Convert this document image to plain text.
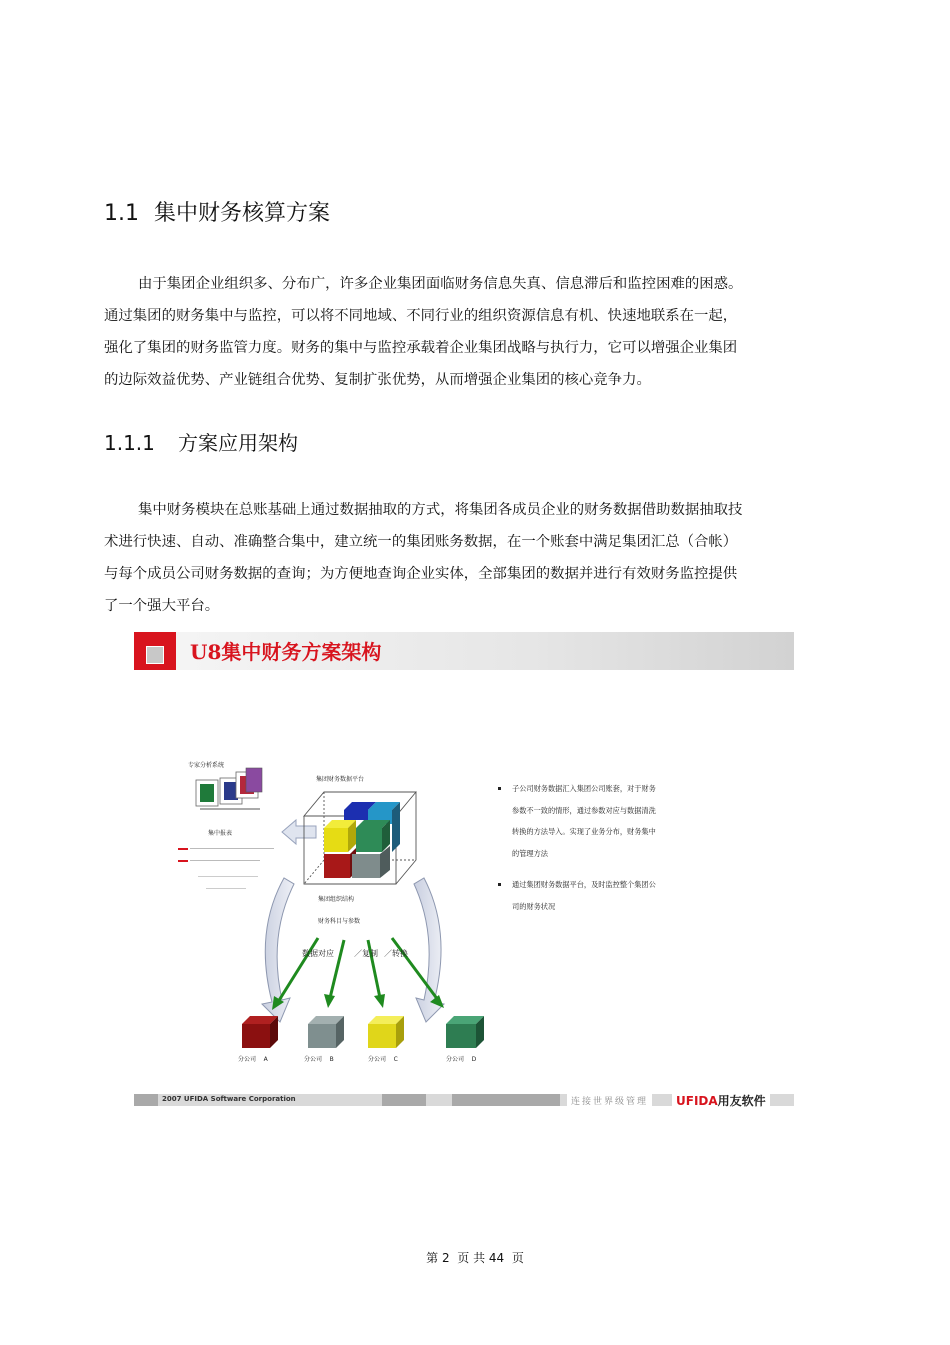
1.1 集中财务核算方案
由于集团企业组织多、分布广，许多企业集团面临财务信息失真、信息滞后和监控困难的困惑。
通过集团的财务集中与监控，可以将不同地域、不同行业的组织资源信息有机、快速地联系在一起，
强化了集团的财务监管力度。财务的集中与监控承载着企业集团战略与执行力，它可以增强企业集团
的边际效益优势、产业链组合优势、复制扩张优势，从而增强企业集团的核心竞争力。
1.1.1 方案应用架构
集中财务模块在总账基础上通过数据抽取的方式，将集团各成员企业的财务数据借助数据抽取技
术进行快速、自动、准确整合集中，建立统一的集团账务数据，在一个账套中满足集团汇总（合帐）
与每个成员公司财务数据的查询；为方便地查询企业实体，全部集团的数据并进行有效财务监控提供
了一个强大平台。
U8集中财务方案架构
专家分析系统
集中报表
集团财务数据平台
集团组织结构
财务科目与参数
数据对应	／复制 ／转换
子公司财务数据汇入集团公司账套，对于财务参数不一致的情形，通过参数对应与数据清洗转换的方法导入。实现了业务分布，财务集中的管理方法
通过集团财务数据平台，及时监控整个集团公司的财务状况
分公司 A	分公司 B	分公司 C	分公司 D
2007 UFIDA Software Corporation	连接世界级管理	UFIDA用友软件
第 2 页 共 44 页
